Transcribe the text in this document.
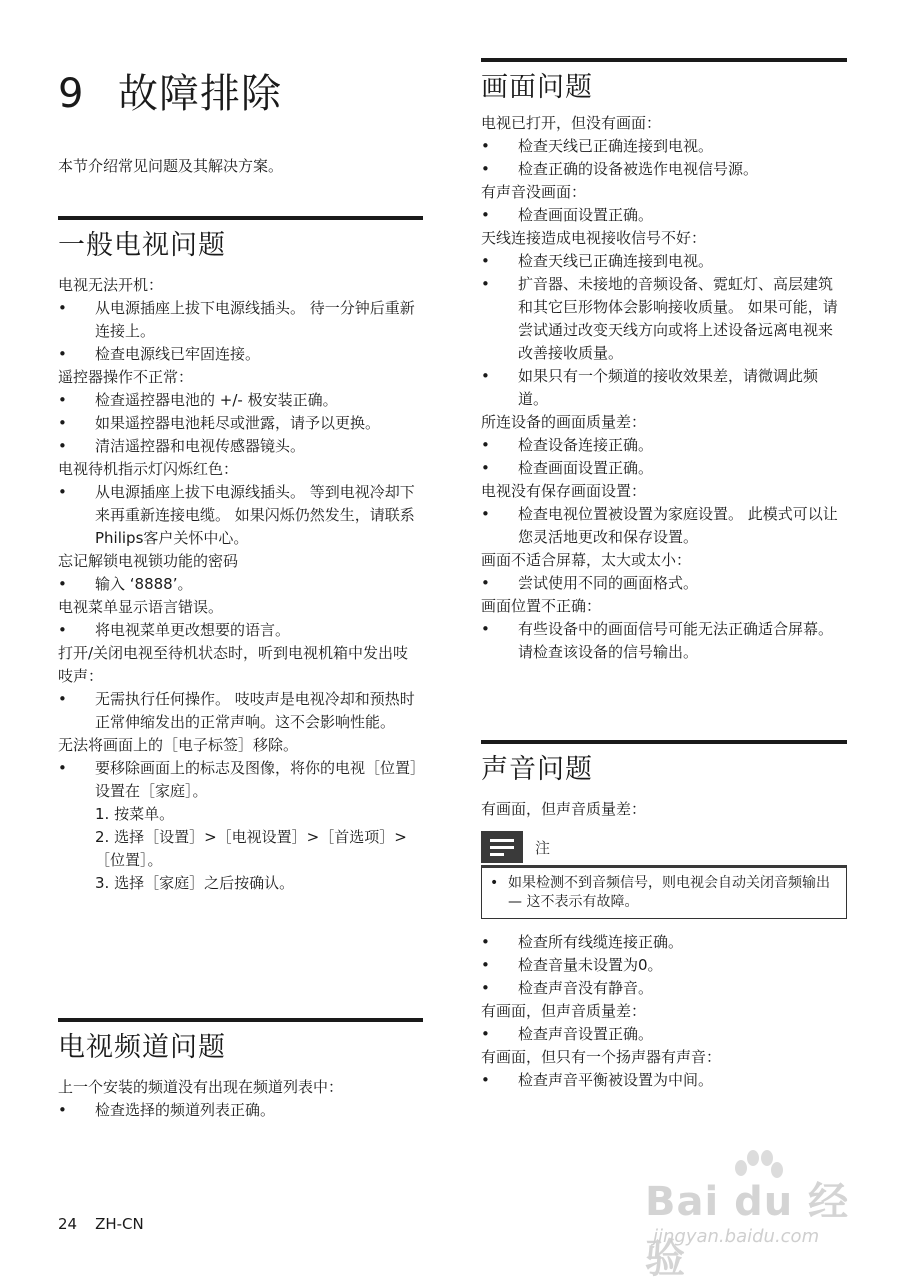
9 故障排除
本节介绍常见问题及其解决方案。
一般电视问题

电视无法开机：

• 从电源插座上拔下电源线插头。 待一分钟后重新连接上。
• 检查电源线已牢固连接。

遥控器操作不正常：

• 检查遥控器电池的 +/- 极安装正确。
• 如果遥控器电池耗尽或泄露，请予以更换。
• 清洁遥控器和电视传感器镜头。

电视待机指示灯闪烁红色：

• 从电源插座上拔下电源线插头。 等到电视冷却下来再重新连接电缆。 如果闪烁仍然发生，请联系Philips客户关怀中心。

忘记解锁电视锁功能的密码

• 输入 ‘8888’。

电视菜单显示语言错误。

• 将电视菜单更改想要的语言。

打开/关闭电视至待机状态时，听到电视机箱中发出吱吱声：

• 无需执行任何操作。 吱吱声是电视冷却和预热时正常伸缩发出的正常声响。这不会影响性能。

无法将画面上的［电子标签］移除。

• 要移除画面上的标志及图像，将你的电视［位置］设置在［家庭］。
1. 按菜单。
2. 选择［设置］>［电视设置］>［首选项］>［位置］。
3. 选择［家庭］之后按确认。
电视频道问题

上一个安装的频道没有出现在频道列表中：

• 检查选择的频道列表正确。
画面问题

电视已打开，但没有画面：

• 检查天线已正确连接到电视。
• 检查正确的设备被选作电视信号源。

有声音没画面：

• 检查画面设置正确。

天线连接造成电视接收信号不好：

• 检查天线已正确连接到电视。
• 扩音器、未接地的音频设备、霓虹灯、高层建筑和其它巨形物体会影响接收质量。 如果可能，请尝试通过改变天线方向或将上述设备远离电视来改善接收质量。
• 如果只有一个频道的接收效果差，请微调此频道。

所连设备的画面质量差：

• 检查设备连接正确。
• 检查画面设置正确。

电视没有保存画面设置：

• 检查电视位置被设置为家庭设置。 此模式可以让您灵活地更改和保存设置。

画面不适合屏幕，太大或太小：

• 尝试使用不同的画面格式。

画面位置不正确：

• 有些设备中的画面信号可能无法正确适合屏幕。请检查该设备的信号输出。
声音问题

有画面，但声音质量差：

注
• 如果检测不到音频信号，则电视会自动关闭音频输出 — 这不表示有故障。
• 检查所有线缆连接正确。
• 检查音量未设置为0。
• 检查声音没有静音。

有画面，但声音质量差：

• 检查声音设置正确。

有画面，但只有一个扬声器有声音：

• 检查声音平衡被设置为中间。
24 ZH-CN	Bai du 经验
jingyan.baidu.com
